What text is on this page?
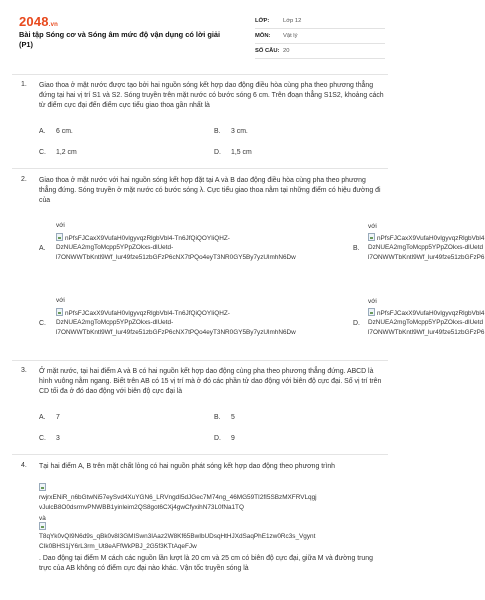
2048.vn
Bài tập Sóng cơ và Sóng âm mức độ vận dụng có lời giải (P1)
LỚP:	Lớp 12
MÔN:	Vật lý
SỐ CÂU: 20
1. Giao thoa ở mặt nước được tạo bởi hai nguồn sóng kết hợp dao động điều hòa cùng pha theo phương thẳng đứng tại hai vị trí S1 và S2. Sóng truyền trên mặt nước có bước sóng 6 cm. Trên đoạn thẳng S1S2, khoảng cách từ điểm cực đại đến điểm cực tiểu giao thoa gần nhất là
A. 6 cm.	B. 3 cm.
C. 1,2 cm	D. 1,5 cm
2. Giao thoa ở mặt nước với hai nguồn sóng kết hợp đặt tại A và B dao động điều hòa cùng pha theo phương thẳng đứng. Sóng truyền ở mặt nước có bước sóng λ. Cực tiểu giao thoa nằm tại những điểm có hiệu đường đi của
với
nPfsFJCaxX9VufaH0vlgyvqzRlgbVbl4-Tn6JfQiQOYIiQHZ-
A.	DzNUEA2mgToMcpp5YPpZOkxs-dlUetd-
l7ONWWTbKntl9Wf_lur49fze51zbGFzP6cNX7tPQo4eyT3NR0GY5By7yzUlmhN6Dw
với
nPfsFJCaxX9VufaH0vlgyvqzRlgbVbl4
B. DzNUEA2mgToMcpp5YPpZOkxs-dlUetd
l7ONWWTbKntl9Wf_lur49fze51zbGFzP6
với
nPfsFJCaxX9VufaH0vlgyvqzRlgbVbl4-Tn6JfQiQOYIiQHZ-
C.	DzNUEA2mgToMcpp5YPpZOkxs-dlUetd-
l7ONWWTbKntl9Wf_lur49fze51zbGFzP6cNX7tPQo4eyT3NR0GY5By7yzUlmhN6Dw
với
nPfsFJCaxX9VufaH0vlgyvqzRlgbVbl4
D. DzNUEA2mgToMcpp5YPpZOkxs-dlUetd
l7ONWWTbKntl9Wf_lur49fze51zbGFzP6
3. Ở mặt nước, tại hai điểm A và B có hai nguồn kết hợp dao động cùng pha theo phương thẳng đứng. ABCD là hình vuông nằm ngang. Biết trên AB có 15 vị trí mà ở đó các phần tử dao động với biên độ cực đại. Số vị trí trên CD tối đa ở đó dao động với biên độ cực đại là
A. 7	B. 5
C. 3	D. 9
4. Tại hai điểm A, B trên mặt chất lỏng có hai nguồn phát sóng kết hợp dao động theo phương trình
rwjrxENiR_n6bGtwNi57eySvd4XuYGN6_LRVngdI5dJGec7M74ng_46MG59TI2fI5SBzMXFRVLqgj
vJulcB8O0dsrmvPNWBB1yinleim2QS8got6CXj4gwCfyxihN73L0fNa1TQ
và
T8qYk0vQI9N6d9s_qBk0v8I3GMISwn3IAaz2W8Kf65BwIbUDsqHtHJXdSaqPhE1zw0Rc3s_Vgynt
CIk0BHS1jY6rL3rm_Ut8eAFfWkPBJ_2G5f3KTtAqeFJw
. Dao động tại điểm M cách các nguồn lần lượt là 20 cm và 25 cm có biên độ cực đại, giữa M và đường trung trực của AB không có điểm cực đại nào khác. Vận tốc truyền sóng là
